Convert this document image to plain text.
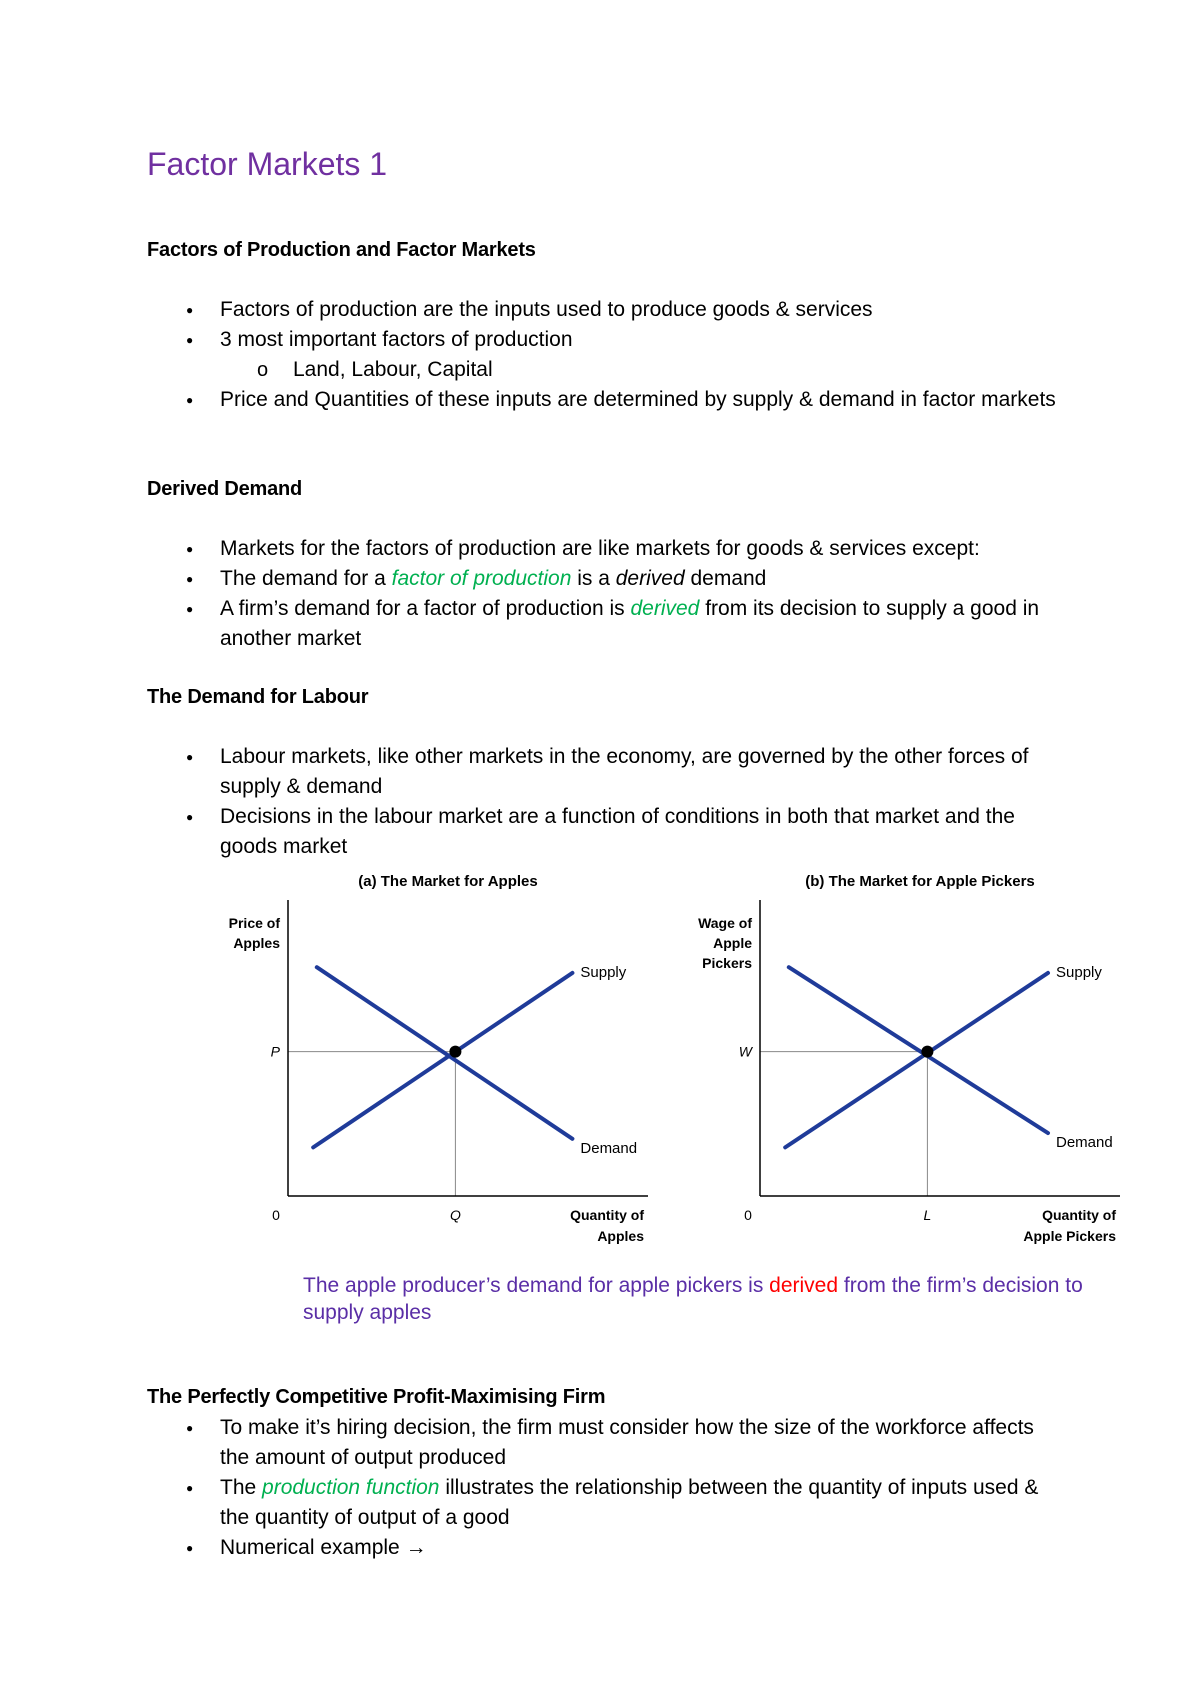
Factor Markets 1
Factors of Production and Factor Markets
● Factors of production are the inputs used to produce goods & services
● 3 most important factors of production
o Land, Labour, Capital
● Price and Quantities of these inputs are determined by supply & demand in factor markets
Derived Demand
● Markets for the factors of production are like markets for goods & services except:
● The demand for a factor of production is a derived demand
● A firm’s demand for a factor of production is derived from its decision to supply a good in another market
The Demand for Labour
● Labour markets, like other markets in the economy, are governed by the other forces of supply & demand
● Decisions in the labour market are a function of conditions in both that market and the goods market
(a) The Market for Apples
Price of
Apples
Quantity of
Apples
0
Supply
Demand
P
Q
(b) The Market for Apple Pickers
Wage of
Apple
Pickers
Quantity of
Apple Pickers
0
Supply
Demand
W
L
The apple producer’s demand for apple pickers is derived from the firm’s decision to supply apples
The Perfectly Competitive Profit-Maximising Firm
● To make it’s hiring decision, the firm must consider how the size of the workforce affects the amount of output produced
● The production function illustrates the relationship between the quantity of inputs used & the quantity of output of a good
● Numerical example →
